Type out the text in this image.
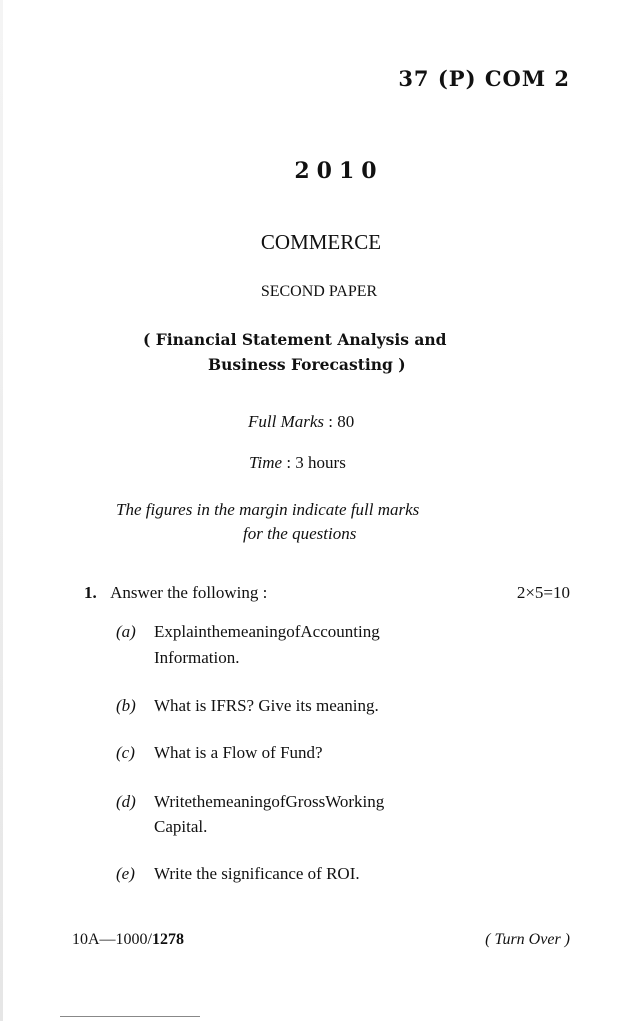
37 (P) COM 2
2010
COMMERCE
SECOND PAPER
( Financial Statement Analysis and
Business Forecasting )
Full Marks : 80
Time : 3 hours
The figures in the margin indicate full marks
for the questions
1. Answer the following :	2×5=10
(a) ExplainthemeaningofAccounting
Information.
(b) What is IFRS? Give its meaning.
(c) What is a Flow of Fund?
(d) WritethemeaningofGrossWorking
Capital.
(e) Write the significance of ROI.
10A—1000/1278	( Turn Over )
